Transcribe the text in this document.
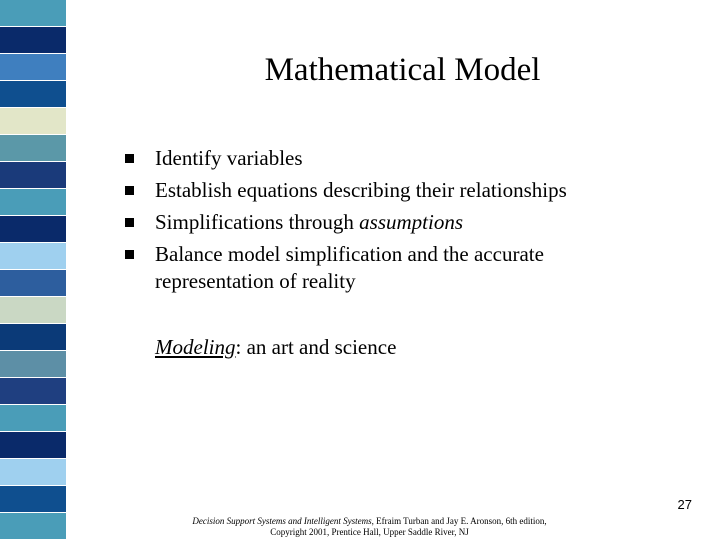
Mathematical Model
Identify variables
Establish equations describing their relationships
Simplifications through assumptions
Balance model simplification and the accurate
representation of reality
Modeling: an art and science
27
Decision Support Systems and Intelligent Systems, Efraim Turban and Jay E. Aronson, 6th edition,
Copyright 2001, Prentice Hall, Upper Saddle River, NJ
